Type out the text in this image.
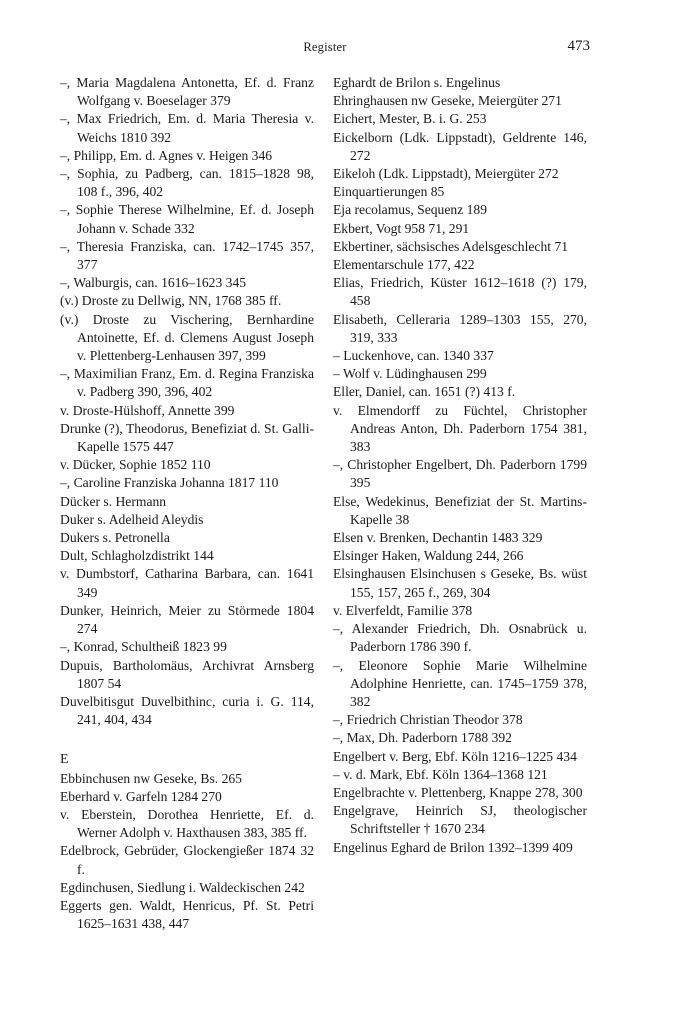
Register	473

–, Maria Magdalena Antonetta, Ef. d. Franz Wolfgang v. Boeselager 379

–, Max Friedrich, Em. d. Maria Theresia v. Weichs 1810 392

–, Philipp, Em. d. Agnes v. Heigen 346

–, Sophia, zu Padberg, can. 1815–1828 98, 108 f., 396, 402

–, Sophie Therese Wilhelmine, Ef. d. Joseph Johann v. Schade 332

–, Theresia Franziska, can. 1742–1745 357, 377

–, Walburgis, can. 1616–1623 345

(v.) Droste zu Dellwig, NN, 1768 385 ff.

(v.) Droste zu Vischering, Bernhardine Antoinette, Ef. d. Clemens August Joseph v. Plettenberg-Lenhausen 397, 399

–, Maximilian Franz, Em. d. Regina Franziska v. Padberg 390, 396, 402

v. Droste-Hülshoff, Annette 399

Drunke (?), Theodorus, Benefiziat d. St. Galli-Kapelle 1575 447

v. Dücker, Sophie 1852 110

–, Caroline Franziska Johanna 1817 110

Dücker s. Hermann

Duker s. Adelheid Aleydis

Dukers s. Petronella

Dult, Schlagholzdistrikt 144

v. Dumbstorf, Catharina Barbara, can. 1641 349

Dunker, Heinrich, Meier zu Störmede 1804 274

–, Konrad, Schultheiß 1823 99

Dupuis, Bartholomäus, Archivrat Arnsberg 1807 54

Duvelbitisgut Duvelbithinc, curia i. G. 114, 241, 404, 434

E

Ebbinchusen nw Geseke, Bs. 265

Eberhard v. Garfeln 1284 270

v. Eberstein, Dorothea Henriette, Ef. d. Werner Adolph v. Haxthausen 383, 385 ff.

Edelbrock, Gebrüder, Glockengießer 1874 32 f.

Egdinchusen, Siedlung i. Waldeckischen 242

Eggerts gen. Waldt, Henricus, Pf. St. Petri 1625–1631 438, 447

Eghardt de Brilon s. Engelinus

Ehringhausen nw Geseke, Meiergüter 271

Eichert, Mester, B. i. G. 253

Eickelborn (Ldk. Lippstadt), Geldrente 146, 272

Eikeloh (Ldk. Lippstadt), Meiergüter 272

Einquartierungen 85

Eja recolamus, Sequenz 189

Ekbert, Vogt 958 71, 291

Ekbertiner, sächsisches Adelsgeschlecht 71

Elementarschule 177, 422

Elias, Friedrich, Küster 1612–1618 (?) 179, 458

Elisabeth, Celleraria 1289–1303 155, 270, 319, 333

– Luckenhove, can. 1340 337

– Wolf v. Lüdinghausen 299

Eller, Daniel, can. 1651 (?) 413 f.

v. Elmendorff zu Füchtel, Christopher Andreas Anton, Dh. Paderborn 1754 381, 383

–, Christopher Engelbert, Dh. Paderborn 1799 395

Else, Wedekinus, Benefiziat der St. Martins-Kapelle 38

Elsen v. Brenken, Dechantin 1483 329

Elsinger Haken, Waldung 244, 266

Elsinghausen Elsinchusen s Geseke, Bs. wüst 155, 157, 265 f., 269, 304

v. Elverfeldt, Familie 378

–, Alexander Friedrich, Dh. Osnabrück u. Paderborn 1786 390 f.

–, Eleonore Sophie Marie Wilhelmine Adolphine Henriette, can. 1745–1759 378, 382

–, Friedrich Christian Theodor 378

–, Max, Dh. Paderborn 1788 392

Engelbert v. Berg, Ebf. Köln 1216–1225 434

– v. d. Mark, Ebf. Köln 1364–1368 121

Engelbrachte v. Plettenberg, Knappe 278, 300

Engelgrave, Heinrich SJ, theologischer Schriftsteller † 1670 234

Engelinus Eghard de Brilon 1392–1399 409
